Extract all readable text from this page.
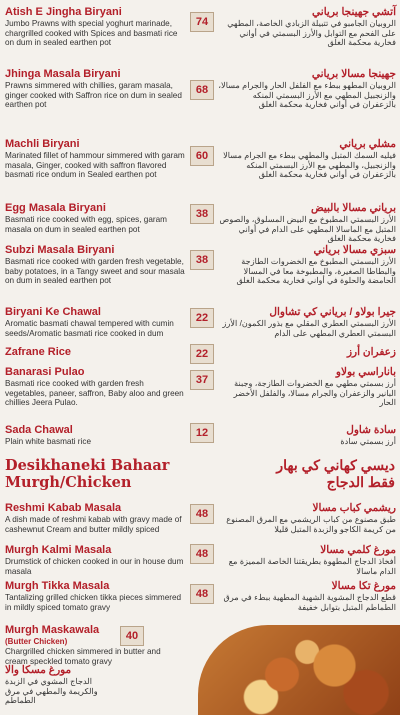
Atish E Jingha Biryani
Jumbo Prawns with special yoghurt marinade, chargrilled cooked with Spices and basmati rice on dum in sealed earthen pot
74
آتشي جهينجا برياني
الروبيان الجامبو في تتبيلة الزبادي الخاصة، المطهي على الفحم مع التوابل والأرز البسمتي في أواني فخارية محكمة الغلق
Jhinga Masala Biryani
Prawns simmered with chillies, garam masala, ginger cooked with Saffron rice on dum in sealed earthen pot
68
جهينجا مسالا برياني
الروبيان المطهو ببطء مع الفلفل الحار والجرام مسالا، والزنجبيل المطهي مع الأرز البسمتي المنكه بالزعفران في أواني فخارية محكمة الغلق
Machli Biryani
Marinated fillet of hammour simmered with garam masala, Ginger, cooked with saffron flavored basmati rice ondum in Sealed earthen pot
60
مشلي برياني
فيليه السمك المتبل والمطهي ببطء مع الجرام مسالا والزنجبيل، والمطهي مع الأرز البسمتي المنكه بالزعفران في أواني فخارية محكمة الغلق
Egg Masala Biryani
Basmati rice cooked with egg, spices, garam masala on dum in sealed earthen pot
38	برياني مسالا بالبيض
الأرز البسمتي المطبوخ مع البيض المسلوق، والصوص المتبل مع الماسالا المطهي على الدام في أواني فخارية محكمة الغلق
Subzi Masala Biryani
Basmati rice cooked with garden fresh vegetable, baby potatoes, in a Tangy sweet and sour masala on dum in sealed earthen pot
38
سبزي مسالا برياني
الأرز البسمتي المطبوخ مع الخضروات الطازجة والبطاطا الصغيرة، والمطبوخة معا في المسالا الحامضة والحلوة في أواني فخارية محكمة الغلق
Biryani Ke Chawal
Aromatic basmati chawal tempered with cumin seeds/Aromatic basmati rice cooked in dum
22	جيرا بولاو / برياني كي تشاوال
الأرز البسمتي العطري المقلي مع بذور الكمون/ الأرز البسمتي العطري المطهي على الدام
Zafrane Rice	22	زعفران أرز
Banarasi Pulao
Basmati rice cooked with garden fresh vegetables, paneer, saffron, Baby aloo and green chillies Jeera Pulao.
37
باناراسي بولاو
أرز بسمتي مطهي مع الخضروات الطازجة، وجبنة البانير والزعفران والجرام مسالا، والفلفل الأخضر الحار
Sada Chawal
Plain white basmati rice
12	سادة شاول
أرز بسمتي سادة
Desikhaneki Bahaar
Murgh/Chicken
ديسي كهاني كي بهار
فقط الدجاج
Reshmi Kabab Masala
A dish made of reshmi kabab with gravy made of cashewnut Cream and butter mildly spiced
48	ريشمي كباب مسالا
طبق مصنوع من كباب الريشمي مع المرق المصنوع من كريمة الكاجو والزبدة المتبل قليلا
Murgh Kalmi Masala
Drumstick of chicken cooked in our in house dum masala
48	مورغ كلمي مسالا
أفخاذ الدجاج المطهوة بطريقتنا الخاصة المميزة مع الدام ماسالا
Murgh Tikka Masala
Tantalizing grilled chicken tikka pieces simmered in mildly spiced tomato gravy
48
مورغ تكا مسالا
قطع الدجاج المشوية الشهية المطهية ببطء في مرق الطماطم المتبل بتوابل خفيفة
Murgh Maskawala
(Butter Chicken)
Chargrilled chicken simmered in butter and cream speckled tomato gravy
40
مورغ مسكا والا
الدجاج المشوي في الزبدة والكريمة والمطهي في مرق الطماطم
